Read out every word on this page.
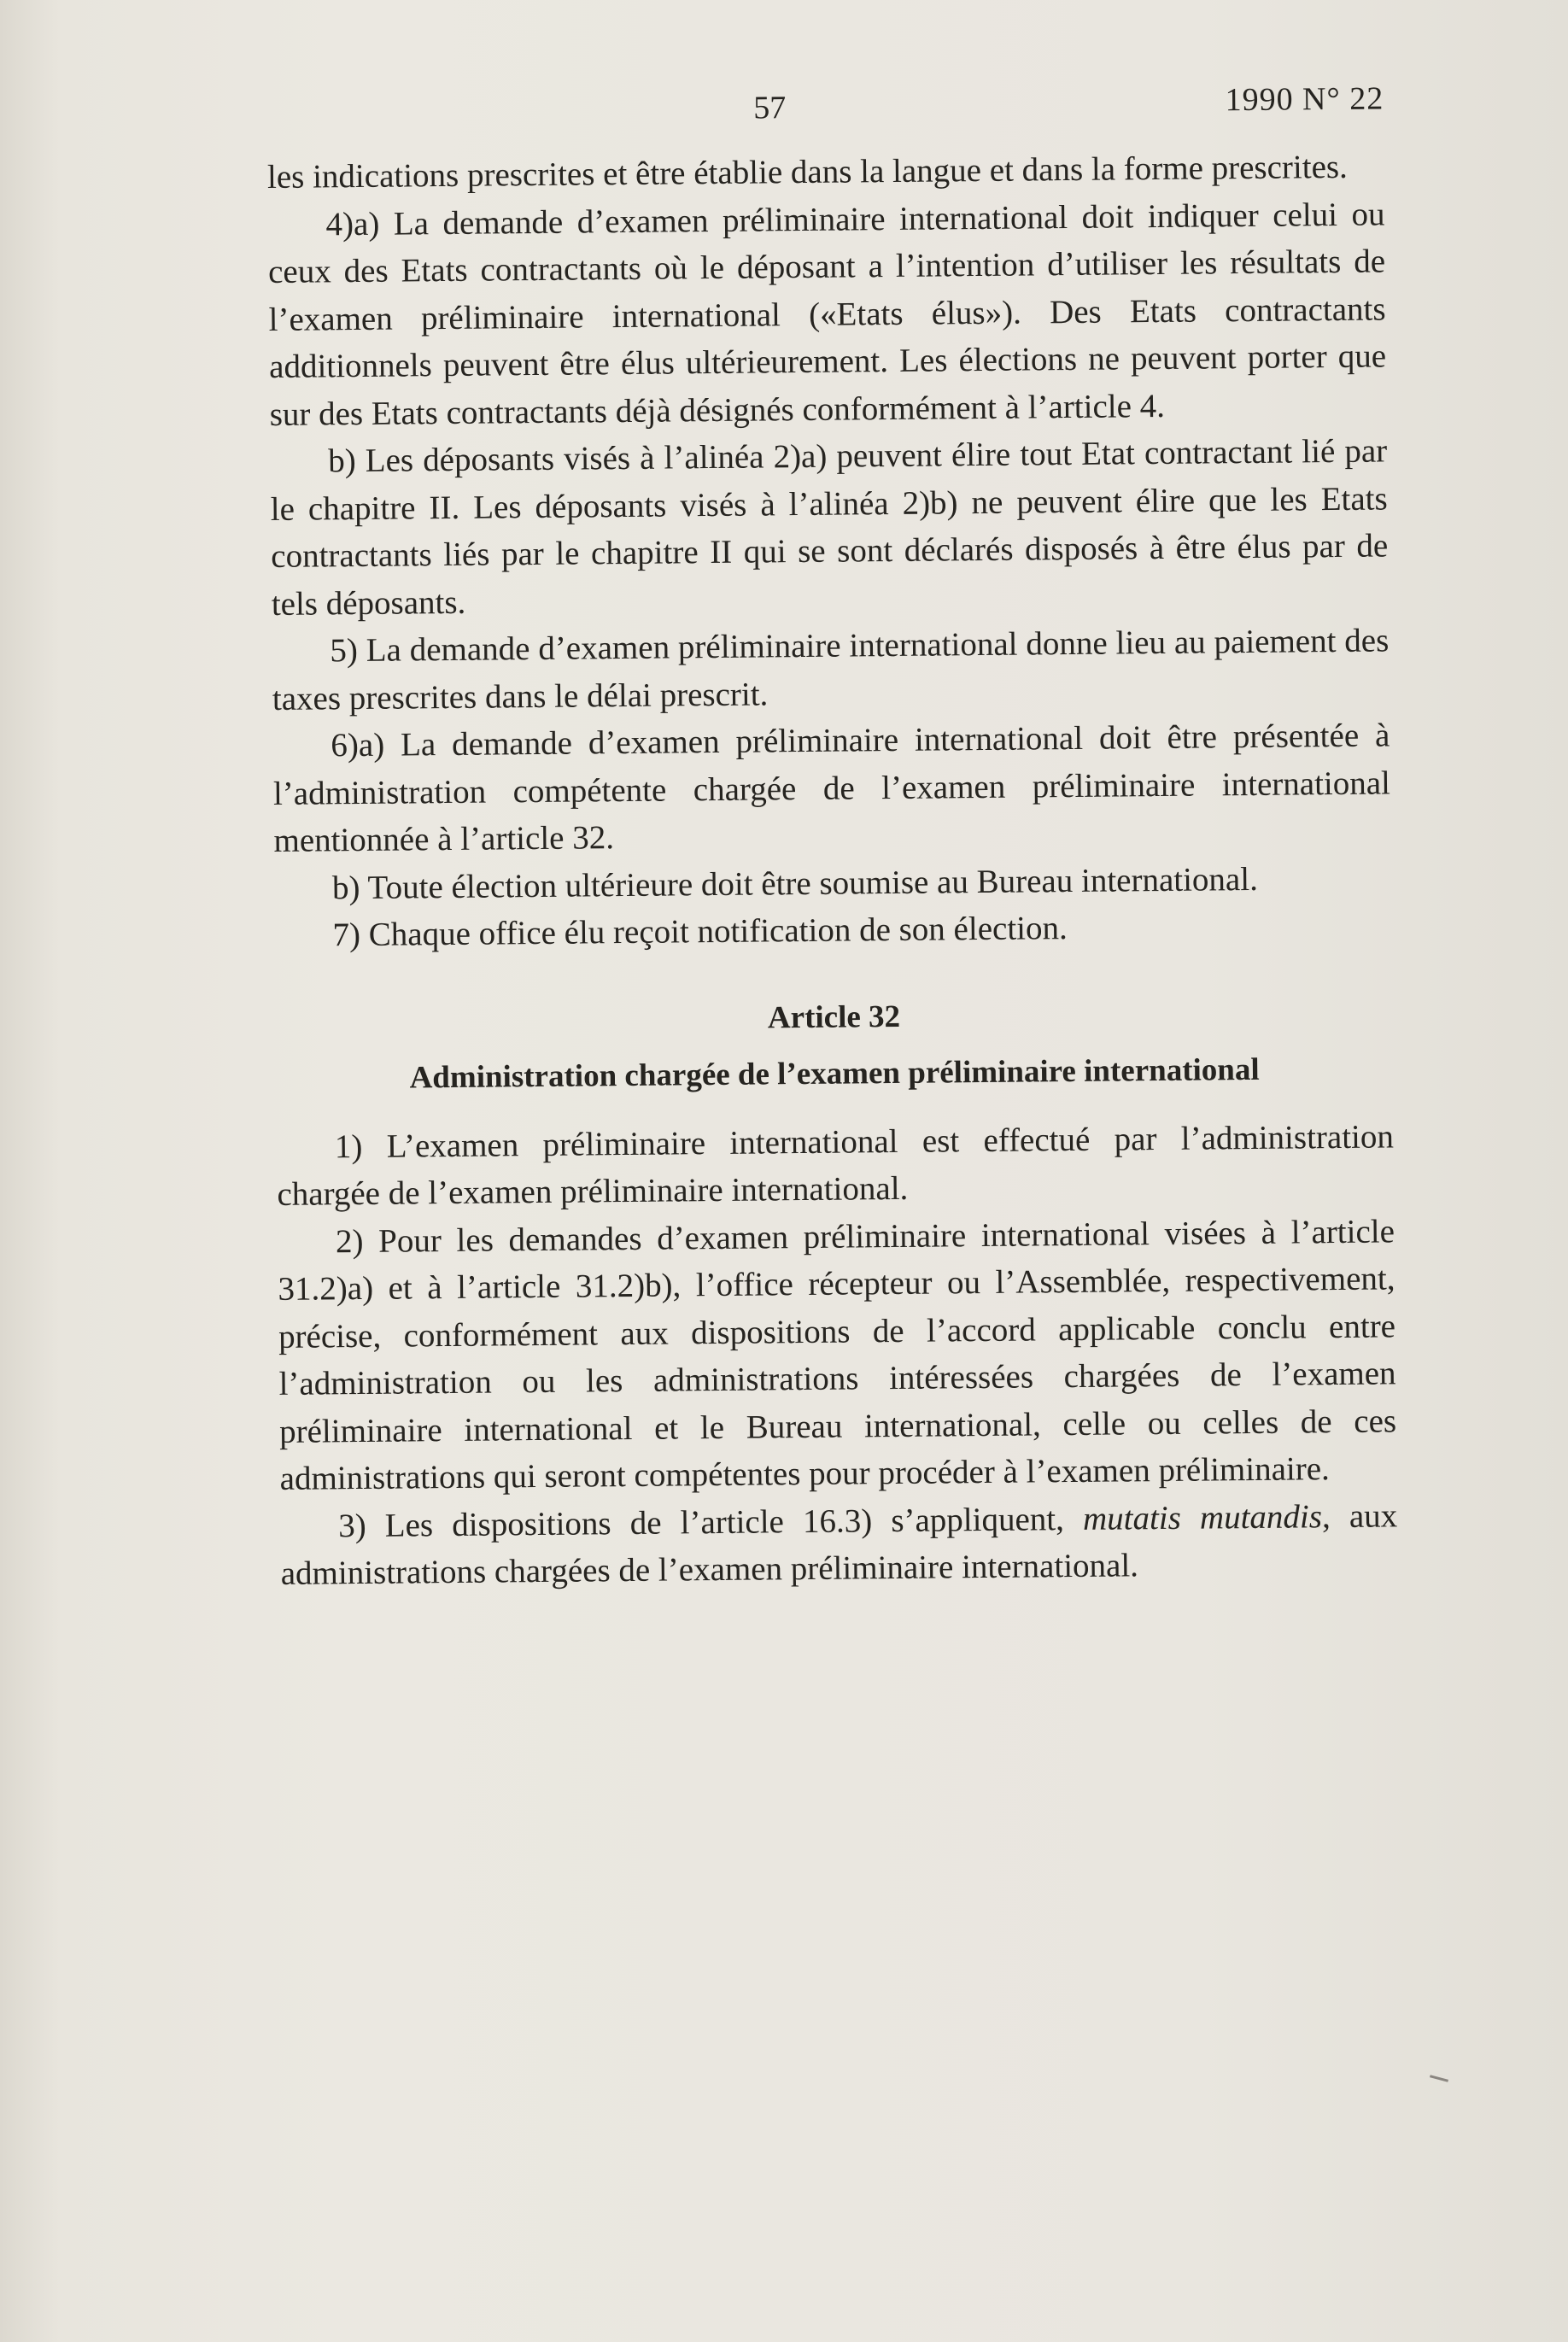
57	1990 N° 22

les indications prescrites et être établie dans la langue et dans la forme prescrites.

4)a) La demande d’examen préliminaire international doit indiquer celui ou ceux des Etats contractants où le déposant a l’intention d’utiliser les résultats de l’examen préliminaire international («Etats élus»). Des Etats contractants additionnels peuvent être élus ultérieurement. Les élections ne peuvent porter que sur des Etats contractants déjà désignés conformément à l’article 4.

b) Les déposants visés à l’alinéa 2)a) peuvent élire tout Etat contractant lié par le chapitre II. Les déposants visés à l’alinéa 2)b) ne peuvent élire que les Etats contractants liés par le chapitre II qui se sont déclarés disposés à être élus par de tels déposants.

5) La demande d’examen préliminaire international donne lieu au paiement des taxes prescrites dans le délai prescrit.

6)a) La demande d’examen préliminaire international doit être présentée à l’administration compétente chargée de l’examen préliminaire international mentionnée à l’article 32.

b) Toute élection ultérieure doit être soumise au Bureau international.

7) Chaque office élu reçoit notification de son élection.

Article 32
Administration chargée de l’examen préliminaire international

1) L’examen préliminaire international est effectué par l’administration chargée de l’examen préliminaire international.

2) Pour les demandes d’examen préliminaire international visées à l’article 31.2)a) et à l’article 31.2)b), l’office récepteur ou l’Assemblée, respectivement, précise, conformément aux dispositions de l’accord applicable conclu entre l’administration ou les administrations intéressées chargées de l’examen préliminaire international et le Bureau international, celle ou celles de ces administrations qui seront compétentes pour procéder à l’examen préliminaire.

3) Les dispositions de l’article 16.3) s’appliquent, mutatis mutandis, aux administrations chargées de l’examen préliminaire international.
